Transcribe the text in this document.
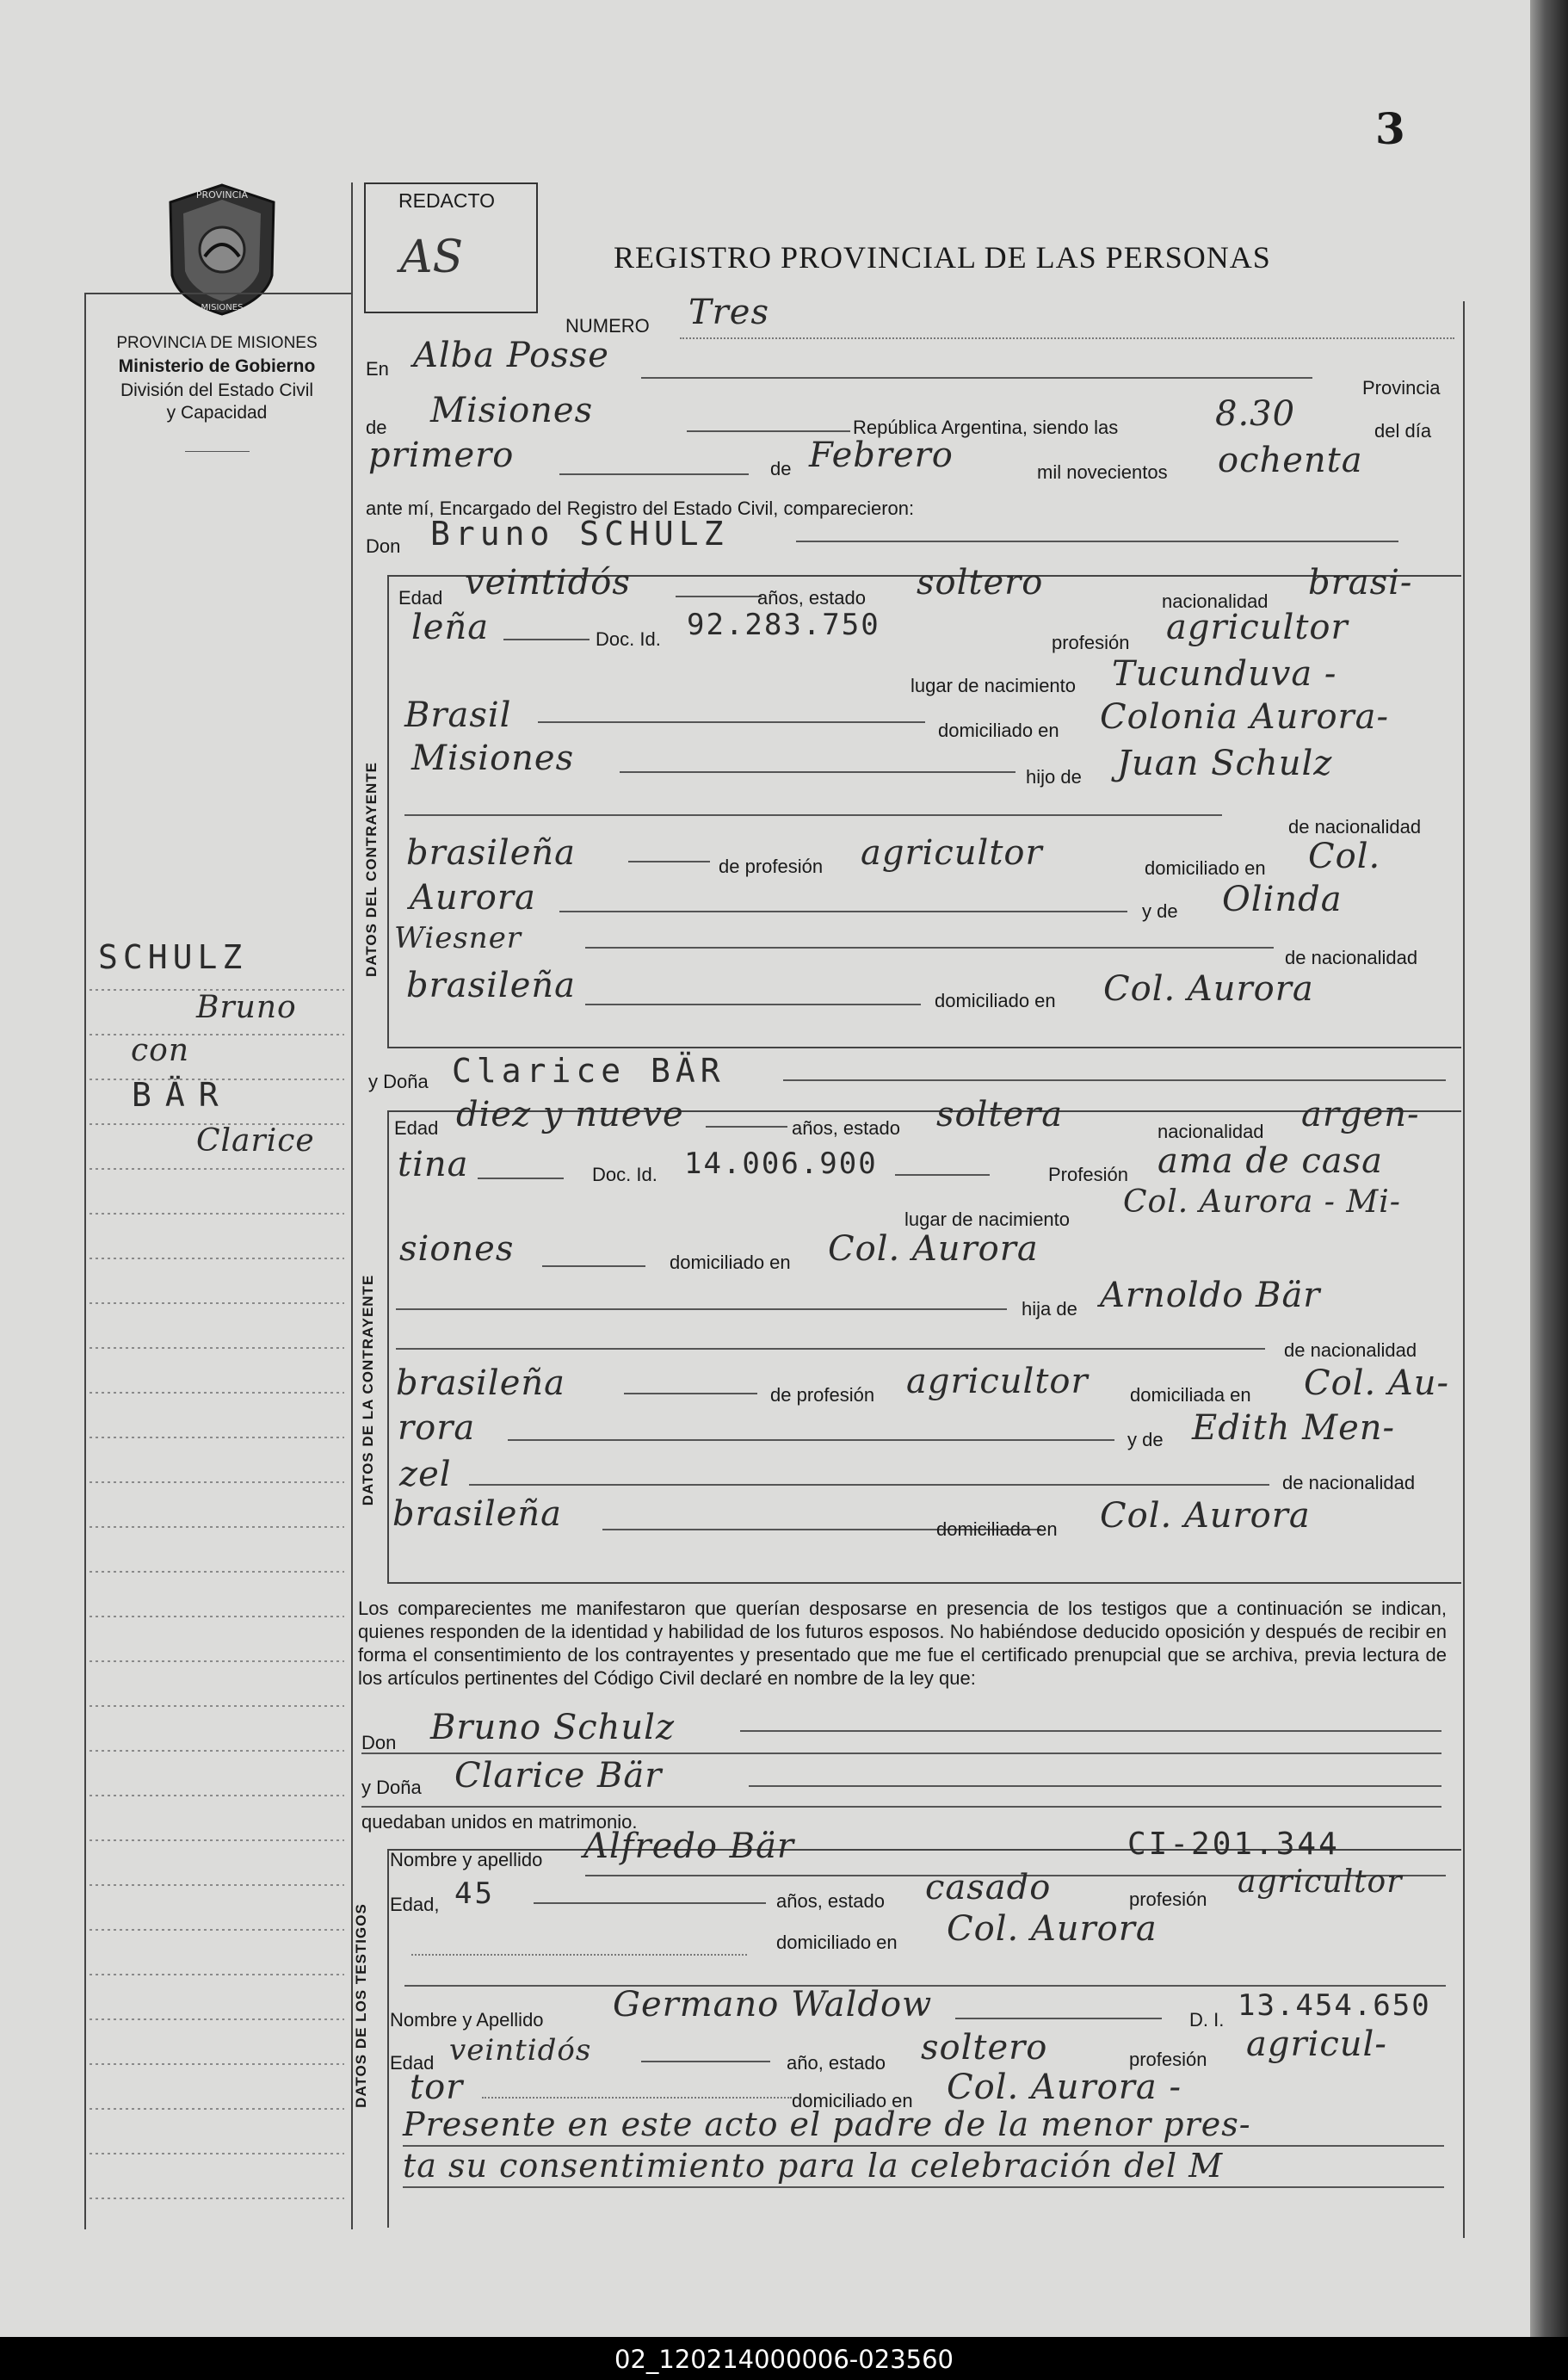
3
PROVINCIA
MISIONES
PROVINCIA DE MISIONES
Ministerio de Gobierno
División del Estado Civil
y Capacidad
SCHULZ
Bruno
con
BÄR
Clarice
REDACTO
AS	REGISTRO PROVINCIAL DE LAS PERSONAS
NUMERO Tres
En Alba Posse
Provincia
de Misiones	República Argentina, siendo las	8.30	del día
primero	de Febrero	mil novecientos ochenta
ante mí, Encargado del Registro del Estado Civil, comparecieron:
Don Bruno SCHULZ
DATOS DEL CONTRAYENTE
Edad veintidós	años, estado soltero	nacionalidad brasi-
leña	Doc. Id. 92.283.750
profesión agricultor
lugar de nacimiento Tucunduva -
Brasil	domiciliado en Colonia Aurora-
Misiones	hijo de Juan Schulz
de nacionalidad
brasileña	de profesión agricultor	domiciliado en Col.
Aurora	y de Olinda
Wiesner
de nacionalidad
brasileña	domiciliado en Col. Aurora
y Doña Clarice BÄR
DATOS DE LA CONTRAYENTE
Edad diez y nueve	años, estado soltera	nacionalidad argen-
tina	Doc. Id. 14.006.900	Profesión ama de casa
lugar de nacimiento Col. Aurora - Mi-
siones	domiciliado en Col. Aurora
hija de Arnoldo Bär
de nacionalidad
brasileña	de profesión agricultor domiciliada en Col. Au-
rora	y de Edith Men-
zel	de nacionalidad
brasileña	domiciliada en Col. Aurora
Los comparecientes me manifestaron que querían desposarse en presencia de los testigos que a continuación se indican, quienes responden de la identidad y habilidad de los futuros esposos. No habiéndose deducido oposición y después de recibir en forma el consentimiento de los contrayentes y presentado que me fue el certificado prenupcial que se archiva, previa lectura de los artículos pertinentes del Código Civil declaré en nombre de la ley que:
Don Bruno Schulz
y Doña Clarice Bär
quedaban unidos en matrimonio.
DATOS DE LOS TESTIGOS
Nombre y apellido Alfredo Bär	CI-201.344
Edad, 45	años, estado casado	profesión agricultor
domiciliado en Col. Aurora
Nombre y Apellido Germano Waldow	D. I. 13.454.650
Edad veintidós	año, estado soltero	profesión agricul-
tor	domiciliado en Col. Aurora -
Presente en este acto el padre de la menor pres-
ta su consentimiento para la celebración del M
02_120214000006-023560
